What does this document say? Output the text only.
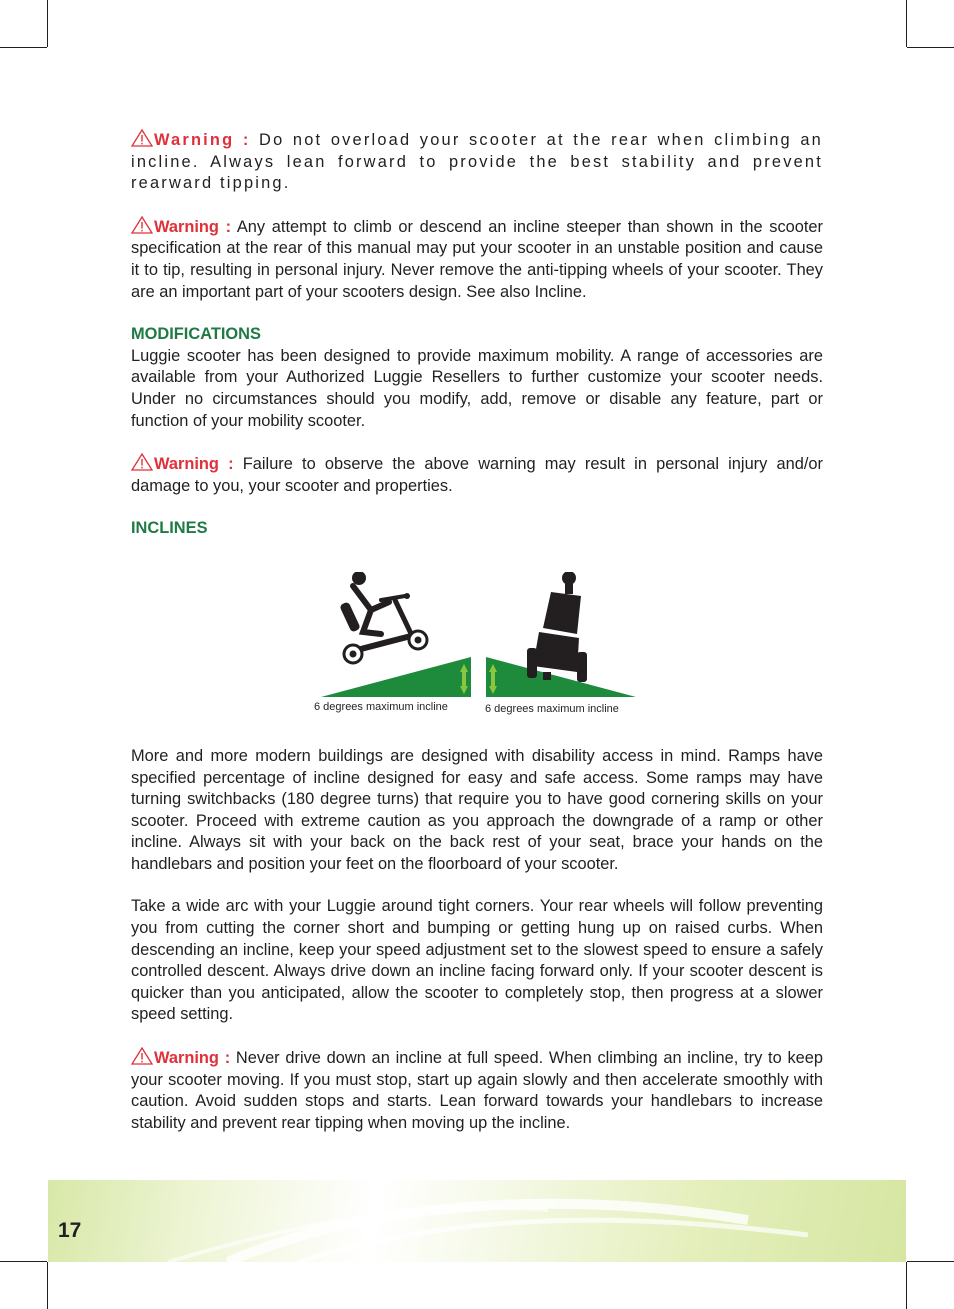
Warning : Do not overload your scooter at the rear when climbing an incline. Always lean forward to provide the best stability and prevent rearward tipping.

Warning : Any attempt to climb or descend an incline steeper than shown in the scooter specification at the rear of this manual may put your scooter in an unstable position and cause it to tip, resulting in personal injury. Never remove the anti-tipping wheels of your scooter. They are an important part of your scooters design. See also Incline.

MODIFICATIONS

Luggie scooter has been designed to provide maximum mobility. A range of accessories are available from your Authorized Luggie Resellers to further customize your scooter needs. Under no circumstances should you modify, add, remove or disable any feature, part or function of your mobility scooter.

Warning : Failure to observe the above warning may result in personal injury and/or damage to you, your scooter and properties.

INCLINES
6 degrees maximum incline	6 degrees maximum incline

More and more modern buildings are designed with disability access in mind. Ramps have specified percentage of incline designed for easy and safe access. Some ramps may have turning switchbacks (180 degree turns) that require you to have good cornering skills on your scooter. Proceed with extreme caution as you approach the downgrade of a ramp or other incline. Always sit with your back on the back rest of your seat, brace your hands on the handlebars and position your feet on the floorboard of your scooter.

Take a wide arc with your Luggie around tight corners. Your rear wheels will follow preventing you from cutting the corner short and bumping or getting hung up on raised curbs. When descending an incline, keep your speed adjustment set to the slowest speed to ensure a safely controlled descent. Always drive down an incline facing forward only. If your scooter descent is quicker than you anticipated, allow the scooter to completely stop, then progress at a slower speed setting.

Warning : Never drive down an incline at full speed. When climbing an incline, try to keep your scooter moving. If you must stop, start up again slowly and then accelerate smoothly with caution. Avoid sudden stops and starts. Lean forward towards your handlebars to increase stability and prevent rear tipping when moving up the incline.

17
